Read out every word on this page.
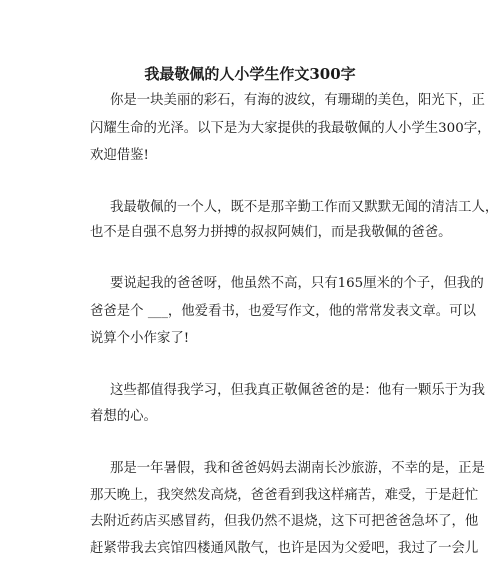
我最敬佩的人小学生作文300字
你是一块美丽的彩石，有海的波纹，有珊瑚的美色，阳光下，正
闪耀生命的光泽。以下是为大家提供的我最敬佩的人小学生300字，
欢迎借鉴!
我最敬佩的一个人，既不是那辛勤工作而又默默无闻的清洁工人，
也不是自强不息努力拼搏的叔叔阿姨们，而是我敬佩的爸爸。
要说起我的爸爸呀，他虽然不高，只有165厘米的个子，但我的
爸爸是个 ___，他爱看书，也爱写作文，他的常常发表文章。可以
说算个小作家了!
这些都值得我学习，但我真正敬佩爸爸的是：他有一颗乐于为我
着想的心。
那是一年暑假，我和爸爸妈妈去湖南长沙旅游，不幸的是，正是
那天晚上，我突然发高烧，爸爸看到我这样痛苦，难受，于是赶忙
去附近药店买感冒药，但我仍然不退烧，这下可把爸爸急坏了，他
赶紧带我去宾馆四楼通风散气，也许是因为父爱吧，我过了一会儿
